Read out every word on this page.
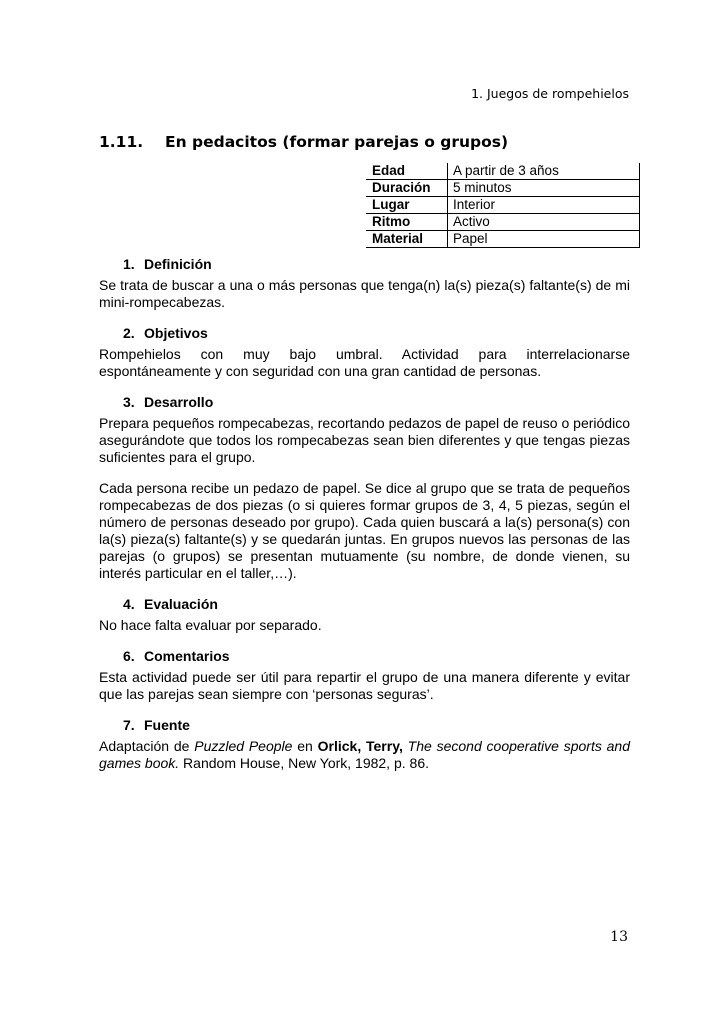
1. Juegos de rompehielos
1.11.	En pedacitos (formar parejas o grupos)
Edad	A partir de 3 años
Duración	5 minutos
Lugar	Interior
Ritmo	Activo
Material	Papel
1. Definición

Se trata de buscar a una o más personas que tenga(n) la(s) pieza(s) faltante(s) de mi mini-rompecabezas.

2. Objetivos

Rompehielos con muy bajo umbral. Actividad para interrelacionarse espontáneamente y con seguridad con una gran cantidad de personas.

3. Desarrollo

Prepara pequeños rompecabezas, recortando pedazos de papel de reuso o periódico asegurándote que todos los rompecabezas sean bien diferentes y que tengas piezas suficientes para el grupo.

Cada persona recibe un pedazo de papel. Se dice al grupo que se trata de pequeños rompecabezas de dos piezas (o si quieres formar grupos de 3, 4, 5 piezas, según el número de personas deseado por grupo). Cada quien buscará a la(s) persona(s) con la(s) pieza(s) faltante(s) y se quedarán juntas. En grupos nuevos las personas de las parejas (o grupos) se presentan mutuamente (su nombre, de donde vienen, su interés particular en el taller,…).

4. Evaluación

No hace falta evaluar por separado.

6. Comentarios

Esta actividad puede ser útil para repartir el grupo de una manera diferente y evitar que las parejas sean siempre con ‘personas seguras’.

7. Fuente

Adaptación de Puzzled People en Orlick, Terry, The second cooperative sports and games book. Random House, New York, 1982, p. 86.

13
